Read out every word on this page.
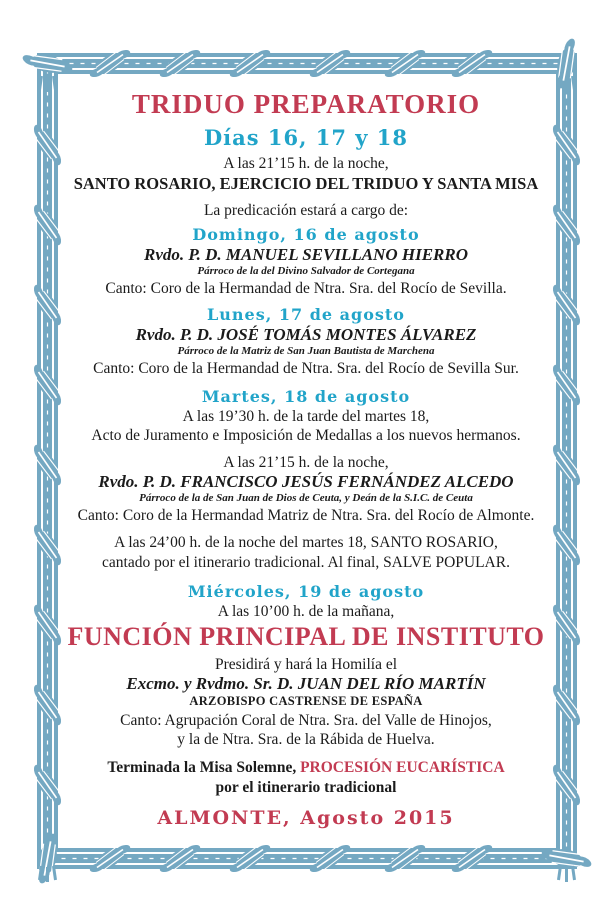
TRIDUO PREPARATORIO
Días 16, 17 y 18
A las 21’15 h. de la noche,
SANTO ROSARIO, EJERCICIO DEL TRIDUO Y SANTA MISA
La predicación estará a cargo de:
Domingo, 16 de agosto
Rvdo. P. D. MANUEL SEVILLANO HIERRO
Párroco de la del Divino Salvador de Cortegana
Canto: Coro de la Hermandad de Ntra. Sra. del Rocío de Sevilla.
Lunes, 17 de agosto
Rvdo. P. D. JOSÉ TOMÁS MONTES ÁLVAREZ
Párroco de la Matriz de San Juan Bautista de Marchena
Canto: Coro de la Hermandad de Ntra. Sra. del Rocío de Sevilla Sur.
Martes, 18 de agosto
A las 19’30 h. de la tarde del martes 18,
Acto de Juramento e Imposición de Medallas a los nuevos hermanos.
A las 21’15 h. de la noche,
Rvdo. P. D. FRANCISCO JESÚS FERNÁNDEZ ALCEDO
Párroco de la de San Juan de Dios de Ceuta, y Deán de la S.I.C. de Ceuta
Canto: Coro de la Hermandad Matriz de Ntra. Sra. del Rocío de Almonte.
A las 24’00 h. de la noche del martes 18, SANTO ROSARIO,
cantado por el itinerario tradicional. Al final, SALVE POPULAR.
Miércoles, 19 de agosto
A las 10’00 h. de la mañana,
FUNCIÓN PRINCIPAL DE INSTITUTO
Presidirá y hará la Homilía el
Excmo. y Rvdmo. Sr. D. JUAN DEL RÍO MARTÍN
ARZOBISPO CASTRENSE DE ESPAÑA
Canto: Agrupación Coral de Ntra. Sra. del Valle de Hinojos,
y la de Ntra. Sra. de la Rábida de Huelva.
Terminada la Misa Solemne, PROCESIÓN EUCARÍSTICA
por el itinerario tradicional
ALMONTE, Agosto 2015
